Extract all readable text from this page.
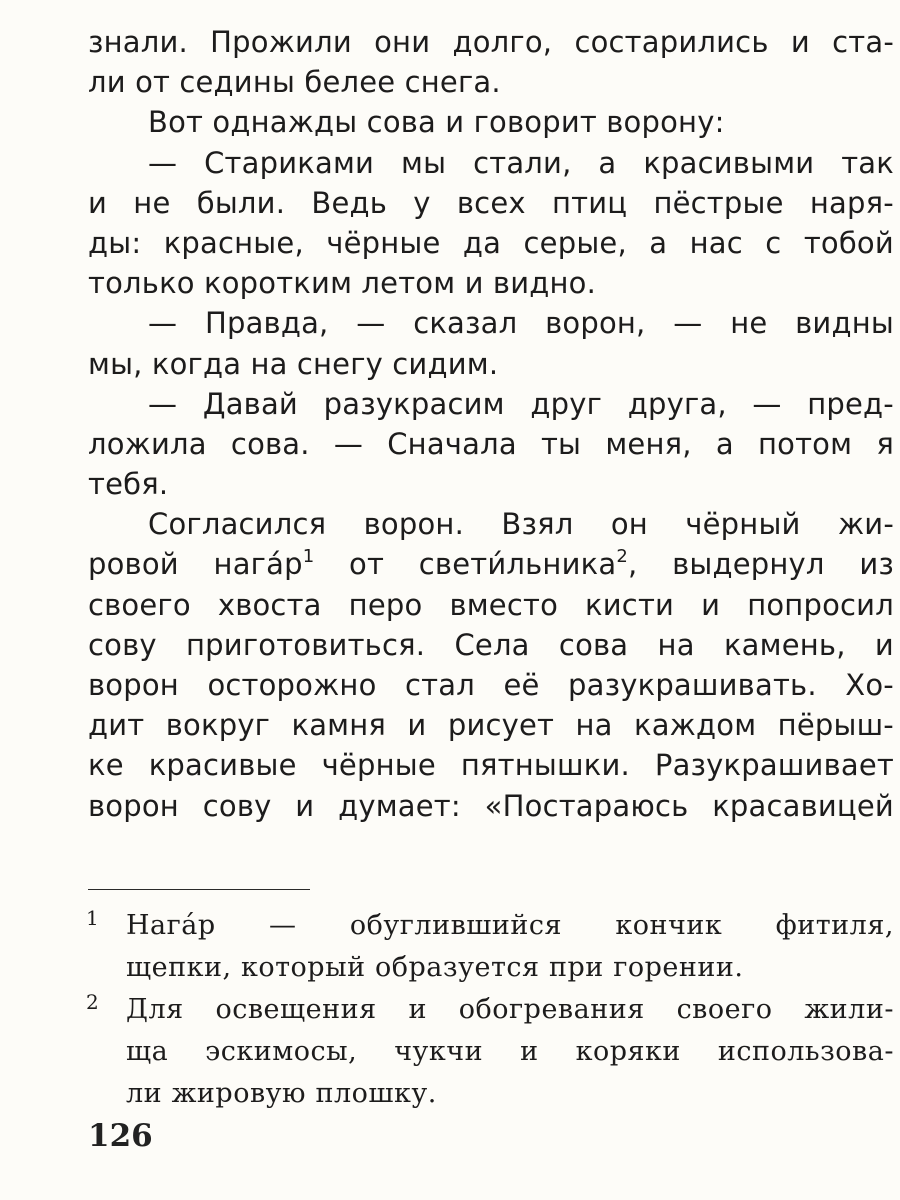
знали. Прожили они долго, состарились и ста-
ли от седины белее снега.
Вот однажды сова и говорит ворону:
— Стариками мы стали, а красивыми так
и не были. Ведь у всех птиц пёстрые наря-
ды: красные, чёрные да серые, а нас с тобой
только коротким летом и видно.
— Правда, — сказал ворон, — не видны
мы, когда на снегу сидим.
— Давай разукрасим друг друга, — пред-
ложила сова. — Сначала ты меня, а потом я
тебя.
Согласился ворон. Взял он чёрный жи-
ровой $нага́р^1$ от свети́льника$^2$, выдернул из
своего хвоста перо вместо кисти и попросил
сову приготовиться. Села сова на камень, и
ворон осторожно стал её разукрашивать. Хо-
дит вокруг камня и рисует на каждом пёрыш-
ке красивые чёрные пятнышки. Разукрашивает
ворон сову и думает: «Постараюсь красавицей
1 Нага́р — обуглившийся кончик фитиля,
щепки, который образуется при горении.
2 Для освещения и обогревания своего жили-
ща эскимосы, чукчи и коряки использова-
ли жировую плошку.
126
